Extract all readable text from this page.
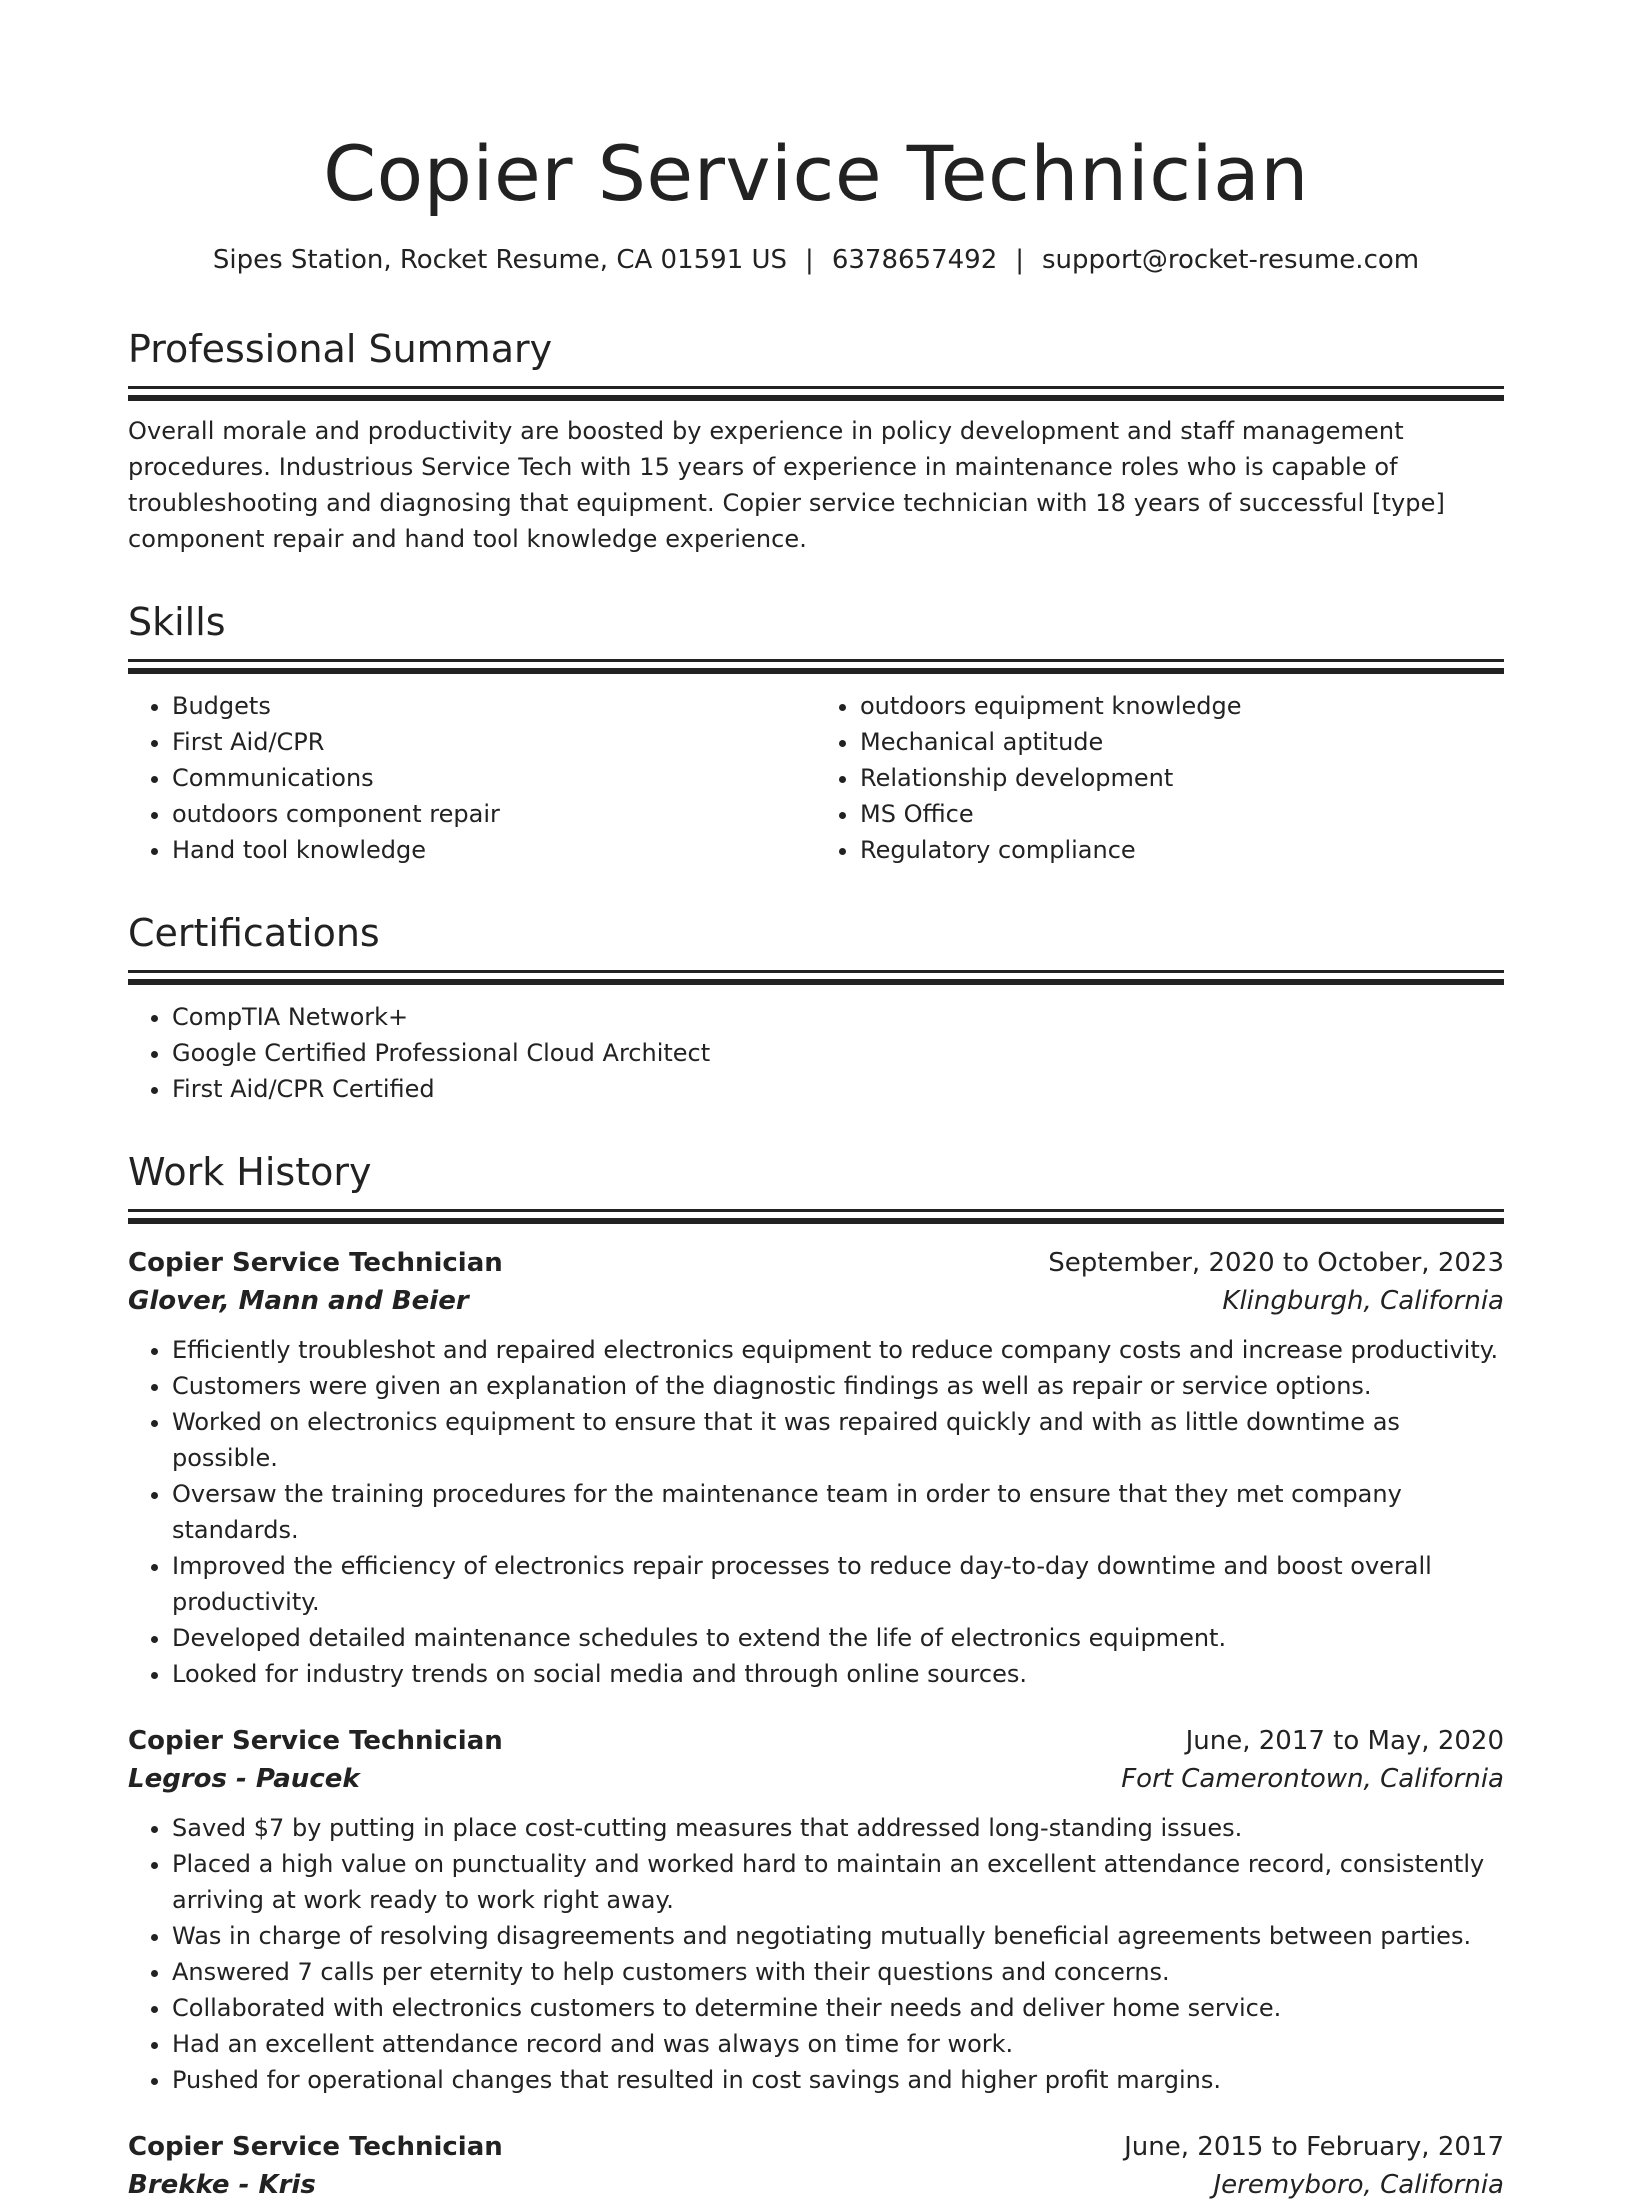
Copier Service Technician
Sipes Station, Rocket Resume, CA 01591 US | 6378657492 | support@rocket-resume.com
Professional Summary
Overall morale and productivity are boosted by experience in policy development and staff management procedures. Industrious Service Tech with 15 years of experience in maintenance roles who is capable of troubleshooting and diagnosing that equipment. Copier service technician with 18 years of successful [type] component repair and hand tool knowledge experience.
Skills
• Budgets
• First Aid/CPR
• Communications
• outdoors component repair
• Hand tool knowledge
• outdoors equipment knowledge
• Mechanical aptitude
• Relationship development
• MS Office
• Regulatory compliance
Certifications
• CompTIA Network+
• Google Certified Professional Cloud Architect
• First Aid/CPR Certified
Work History
Copier Service Technician	September, 2020 to October, 2023
Glover, Mann and Beier	Klingburgh, California
• Efficiently troubleshot and repaired electronics equipment to reduce company costs and increase productivity.
• Customers were given an explanation of the diagnostic findings as well as repair or service options.
• Worked on electronics equipment to ensure that it was repaired quickly and with as little downtime as possible.
• Oversaw the training procedures for the maintenance team in order to ensure that they met company standards.
• Improved the efficiency of electronics repair processes to reduce day-to-day downtime and boost overall productivity.
• Developed detailed maintenance schedules to extend the life of electronics equipment.
• Looked for industry trends on social media and through online sources.
Copier Service Technician	June, 2017 to May, 2020
Legros - Paucek	Fort Camerontown, California
• Saved $7 by putting in place cost-cutting measures that addressed long-standing issues.
• Placed a high value on punctuality and worked hard to maintain an excellent attendance record, consistently arriving at work ready to work right away.
• Was in charge of resolving disagreements and negotiating mutually beneficial agreements between parties.
• Answered 7 calls per eternity to help customers with their questions and concerns.
• Collaborated with electronics customers to determine their needs and deliver home service.
• Had an excellent attendance record and was always on time for work.
• Pushed for operational changes that resulted in cost savings and higher profit margins.
Copier Service Technician	June, 2015 to February, 2017
Brekke - Kris	Jeremyboro, California
